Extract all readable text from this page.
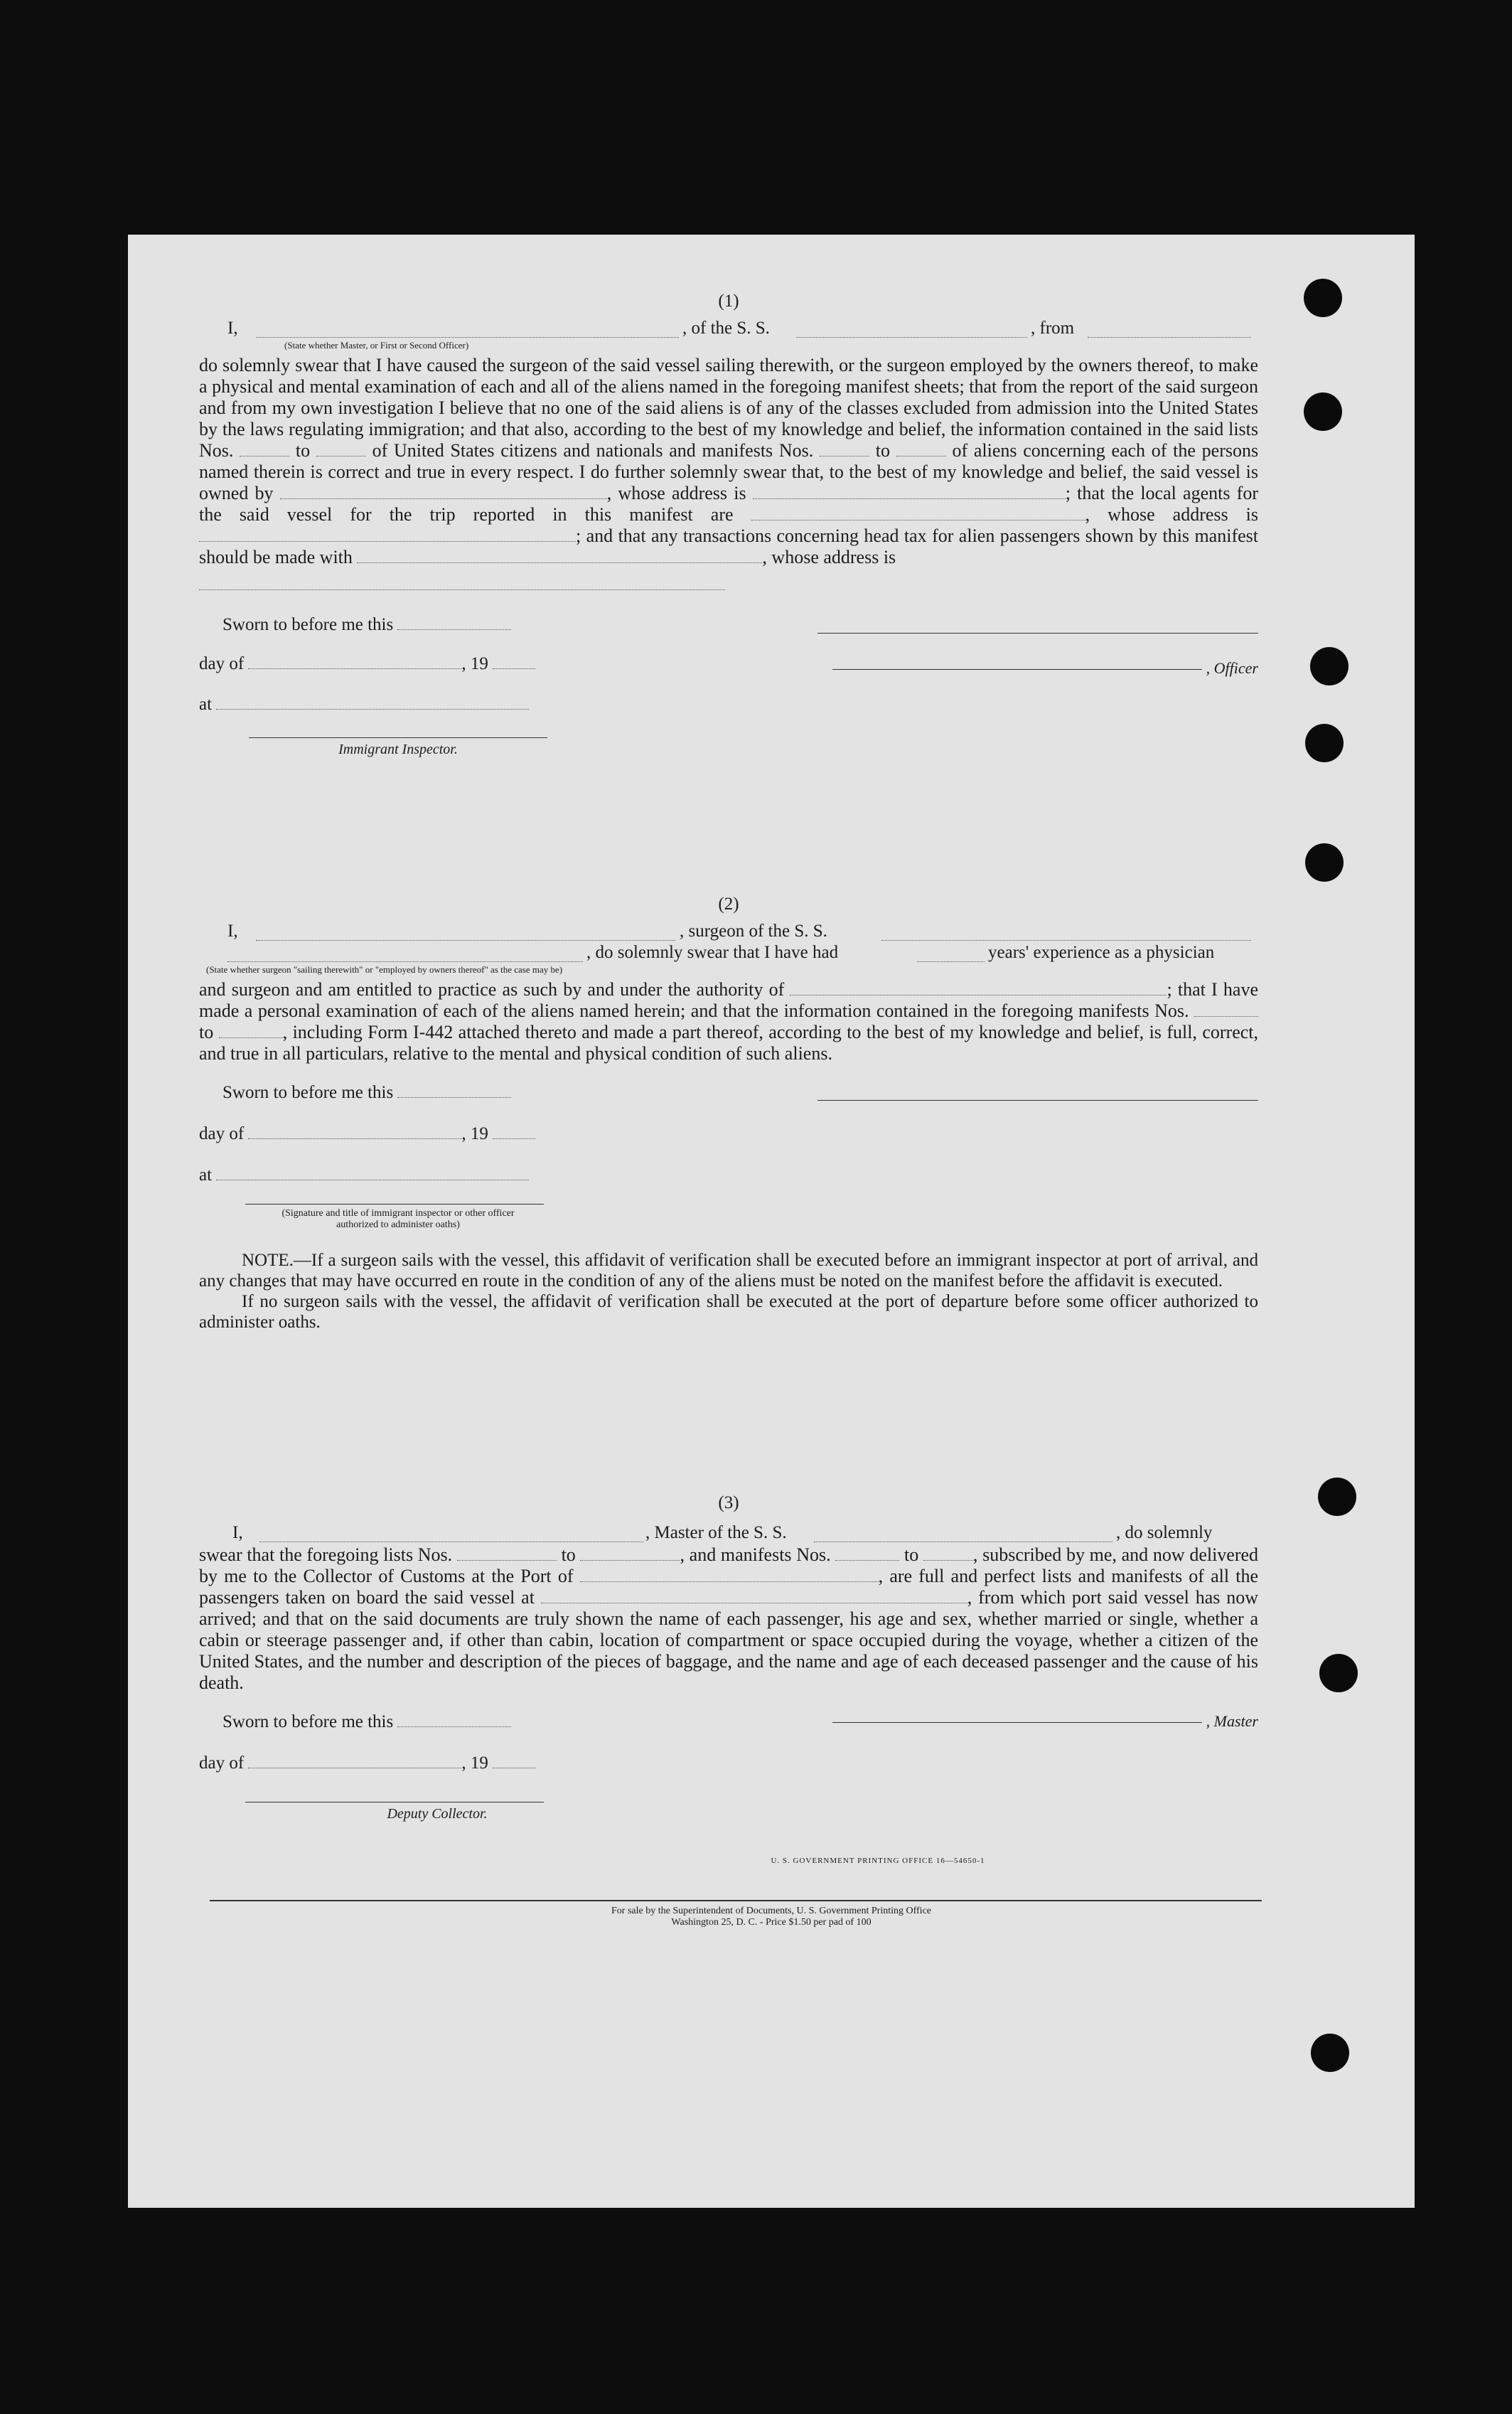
(1)
I,	, of the S. S.	, from
(State whether Master, or First or Second Officer)

do solemnly swear that I have caused the surgeon of the said vessel sailing therewith, or the surgeon employed by the owners thereof, to make a physical and mental examination of each and all of the aliens named in the foregoing manifest sheets; that from the report of the said surgeon and from my own investigation I believe that no one of the said aliens is of any of the classes excluded from admission into the United States by the laws regulating immigration; and that also, according to the best of my knowledge and belief, the information contained in the said lists Nos.	to	of United States citizens and nationals and manifests Nos.	to	of aliens concerning each of the persons named therein is correct and true in every respect. I do further solemnly swear that, to the best of my knowledge and belief, the said vessel is owned by	, whose address is	; that the local agents for the said vessel for the trip reported in this manifest are	, whose address is ; and that any transactions concerning head tax for alien passengers shown by this manifest should be made with	, whose address is

Sworn to before me this
day of	, 19
at
Immigrant Inspector.
, Officer
(2)
I,	, surgeon of the S. S.
, do solemnly swear that I have had	years' experience as a physician
(State whether surgeon "sailing therewith" or "employed by owners thereof" as the case may be)

and surgeon and am entitled to practice as such by and under the authority of	; that I have made a personal examination of each of the aliens named herein; and that the information contained in the foregoing manifests Nos.  to	, including Form I-442 attached thereto and made a part thereof, according to the best of my knowledge and belief, is full, correct, and true in all particulars, relative to the mental and physical condition of such aliens.

Sworn to before me this
day of	, 19
at
(Signature and title of immigrant inspector or other officer authorized to administer oaths)

NOTE.—If a surgeon sails with the vessel, this affidavit of verification shall be executed before an immigrant inspector at port of arrival, and any changes that may have occurred en route in the condition of any of the aliens must be noted on the manifest before the affidavit is executed.

If no surgeon sails with the vessel, the affidavit of verification shall be executed at the port of departure before some officer authorized to administer oaths.

(3)
I,	, Master of the S. S.	, do solemnly

swear that the foregoing lists Nos.	to	, and manifests Nos.	to	, subscribed by me, and now delivered by me to the Collector of Customs at the Port of	, are full and perfect lists and manifests of all the passengers taken on board the said vessel at	, from which port said vessel has now arrived; and that on the said documents are truly shown the name of each passenger, his age and sex, whether married or single, whether a cabin or steerage passenger and, if other than cabin, location of compartment or space occupied during the voyage, whether a citizen of the United States, and the number and description of the pieces of baggage, and the name and age of each deceased passenger and the cause of his death.

Sworn to before me this	, Master
day of	, 19
Deputy Collector.
U. S. GOVERNMENT PRINTING OFFICE 16—54650-1
For sale by the Superintendent of Documents, U. S. Government Printing Office
Washington 25, D. C. - Price $1.50 per pad of 100
